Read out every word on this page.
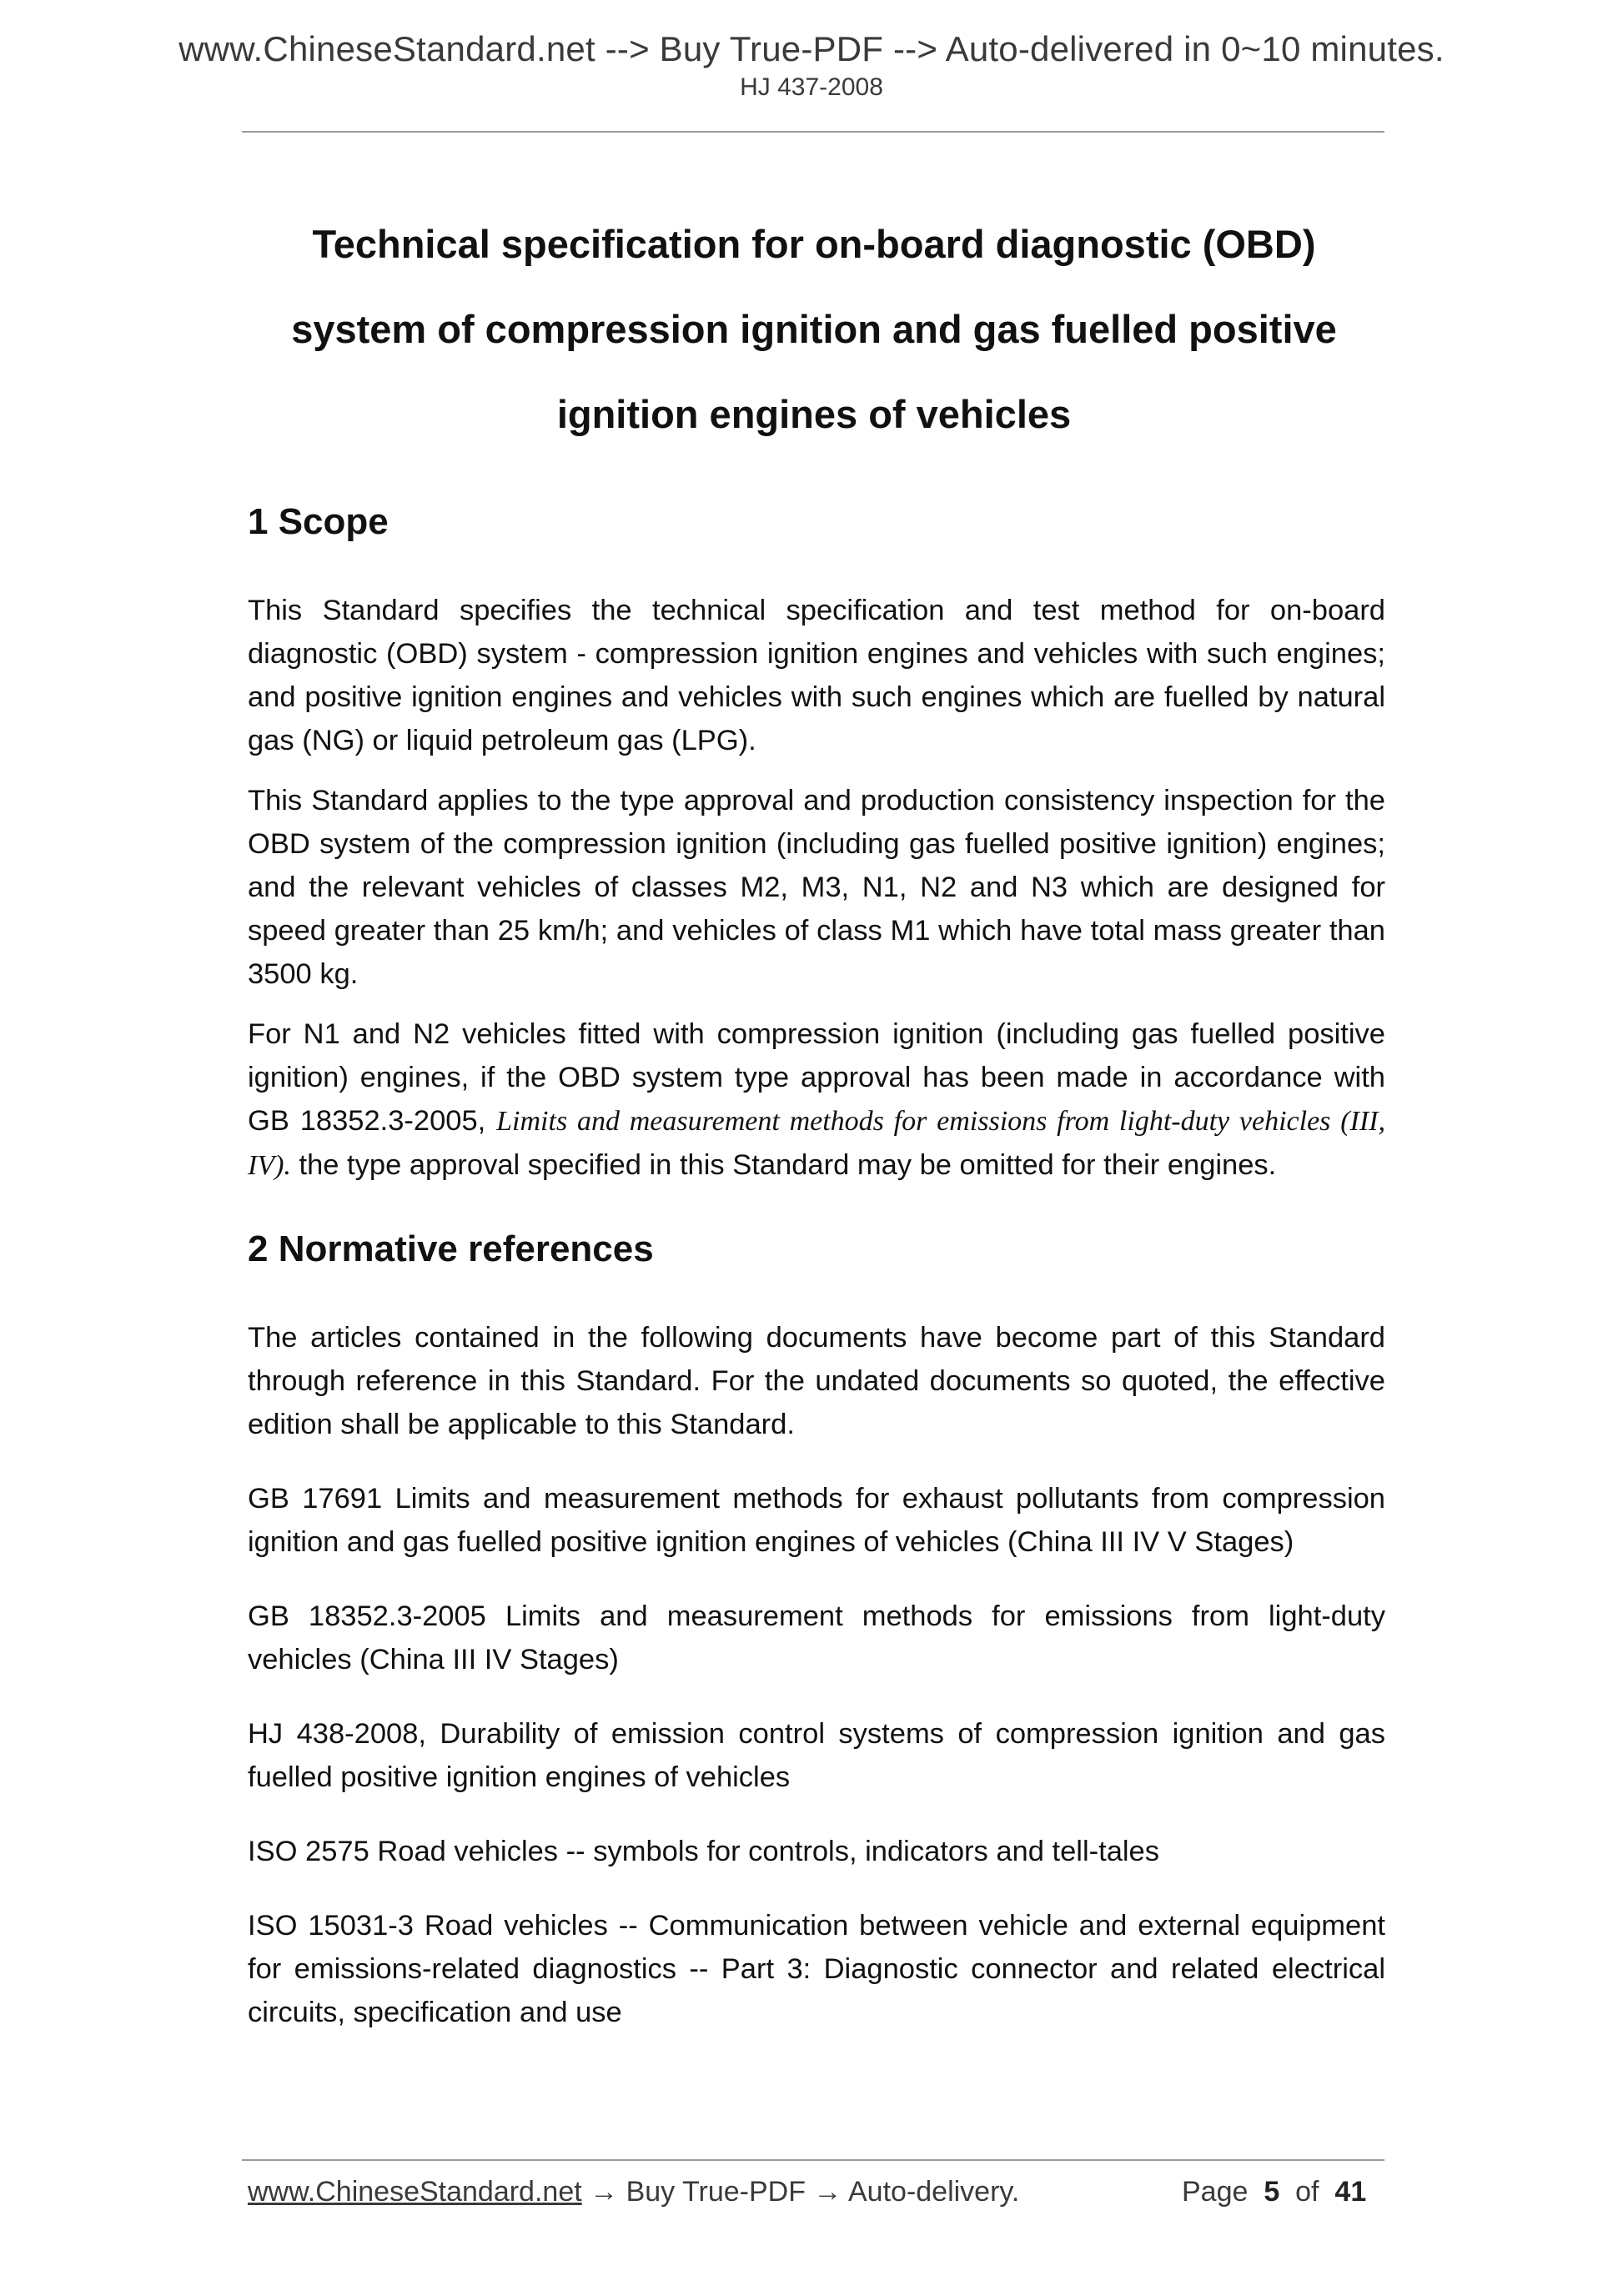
www.ChineseStandard.net --> Buy True-PDF --> Auto-delivered in 0~10 minutes.
HJ 437-2008
Technical specification for on-board diagnostic (OBD)
system of compression ignition and gas fuelled positive
ignition engines of vehicles
1 Scope

This Standard specifies the technical specification and test method for on-board diagnostic (OBD) system - compression ignition engines and vehicles with such engines; and positive ignition engines and vehicles with such engines which are fuelled by natural gas (NG) or liquid petroleum gas (LPG).

This Standard applies to the type approval and production consistency inspection for the OBD system of the compression ignition (including gas fuelled positive ignition) engines; and the relevant vehicles of classes M2, M3, N1, N2 and N3 which are designed for speed greater than 25 km/h; and vehicles of class M1 which have total mass greater than 3500 kg.

For N1 and N2 vehicles fitted with compression ignition (including gas fuelled positive ignition) engines, if the OBD system type approval has been made in accordance with GB 18352.3-2005, Limits and measurement methods for emissions from light-duty vehicles (III, IV). the type approval specified in this Standard may be omitted for their engines.

2 Normative references

The articles contained in the following documents have become part of this Standard through reference in this Standard. For the undated documents so quoted, the effective edition shall be applicable to this Standard.

GB 17691 Limits and measurement methods for exhaust pollutants from compression ignition and gas fuelled positive ignition engines of vehicles (China III IV V Stages)

GB 18352.3-2005 Limits and measurement methods for emissions from light-duty vehicles (China III IV Stages)

HJ 438-2008, Durability of emission control systems of compression ignition and gas fuelled positive ignition engines of vehicles

ISO 2575 Road vehicles -- symbols for controls, indicators and tell-tales

ISO 15031-3 Road vehicles -- Communication between vehicle and external equipment for emissions-related diagnostics -- Part 3: Diagnostic connector and related electrical circuits, specification and use

www.ChineseStandard.net → Buy True-PDF → Auto-delivery.	Page 5 of 41
